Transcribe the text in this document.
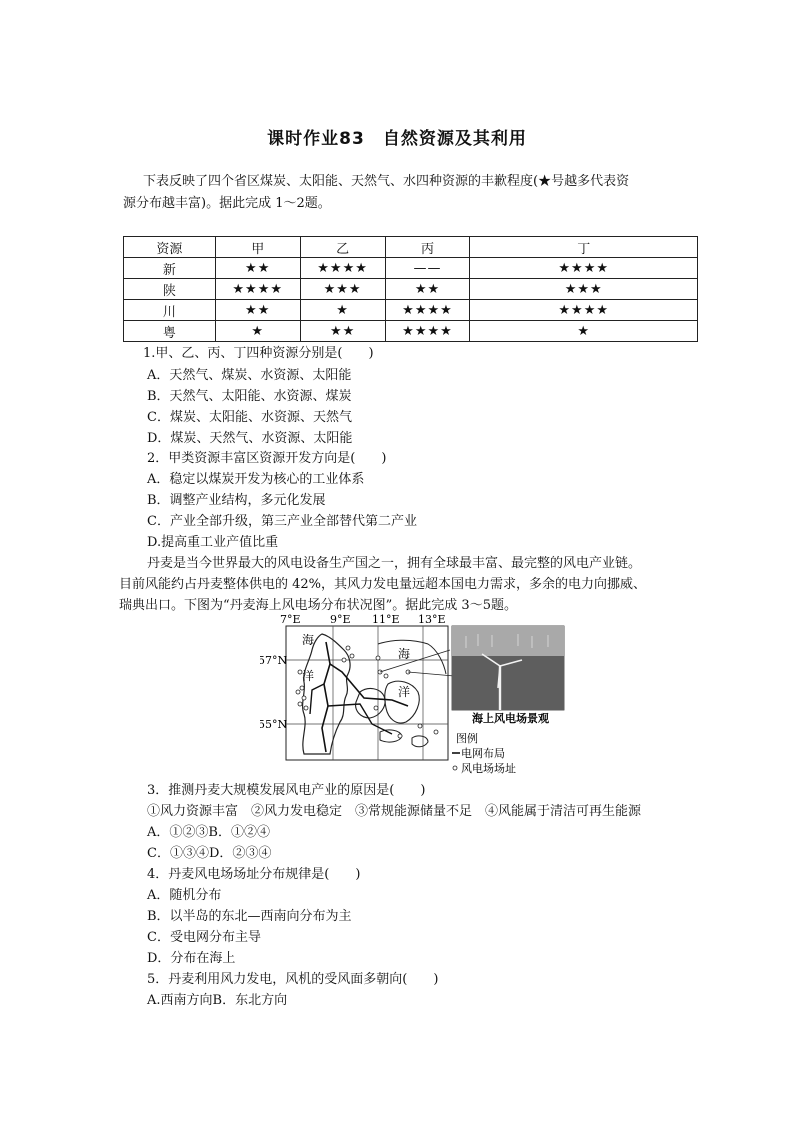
课时作业83　自然资源及其利用
下表反映了四个省区煤炭、太阳能、天然气、水四种资源的丰歉程度(★号越多代表资
源分布越丰富)。据此完成 1～2题。
资源	甲	乙	丙	丁
新	★★	★★★★	——	★★★★
陕	★★★★	★★★	★★	★★★
川	★★	★	★★★★	★★★★
粤	★	★★	★★★★	★
1.甲、乙、丙、丁四种资源分别是(　　)
A．天然气、煤炭、水资源、太阳能
B．天然气、太阳能、水资源、煤炭
C．煤炭、太阳能、水资源、天然气
D．煤炭、天然气、水资源、太阳能
2．甲类资源丰富区资源开发方向是(　　)
A．稳定以煤炭开发为核心的工业体系
B．调整产业结构，多元化发展
C．产业全部升级，第三产业全部替代第二产业
D.提高重工业产值比重
丹麦是当今世界最大的风电设备生产国之一，拥有全球最丰富、最完整的风电产业链。
目前风能约占丹麦整体供电的 42%，其风力发电量远超本国电力需求，多余的电力向挪威、
瑞典出口。下图为“丹麦海上风电场分布状况图”。据此完成 3～5题。
7°E	9°E 11°E 13°E
57°N
55°N
海
洋
海
洋
海上风电场景观
图例
电网布局
风电场场址
3．推测丹麦大规模发展风电产业的原因是(　　)
①风力资源丰富　②风力发电稳定　③常规能源储量不足　④风能属于清洁可再生能源
A．①②③B．①②④
C．①③④D．②③④
4．丹麦风电场场址分布规律是(　　)
A．随机分布
B．以半岛的东北—西南向分布为主
C．受电网分布主导
D．分布在海上
5．丹麦利用风力发电，风机的受风面多朝向(　　)
A.西南方向B．东北方向
